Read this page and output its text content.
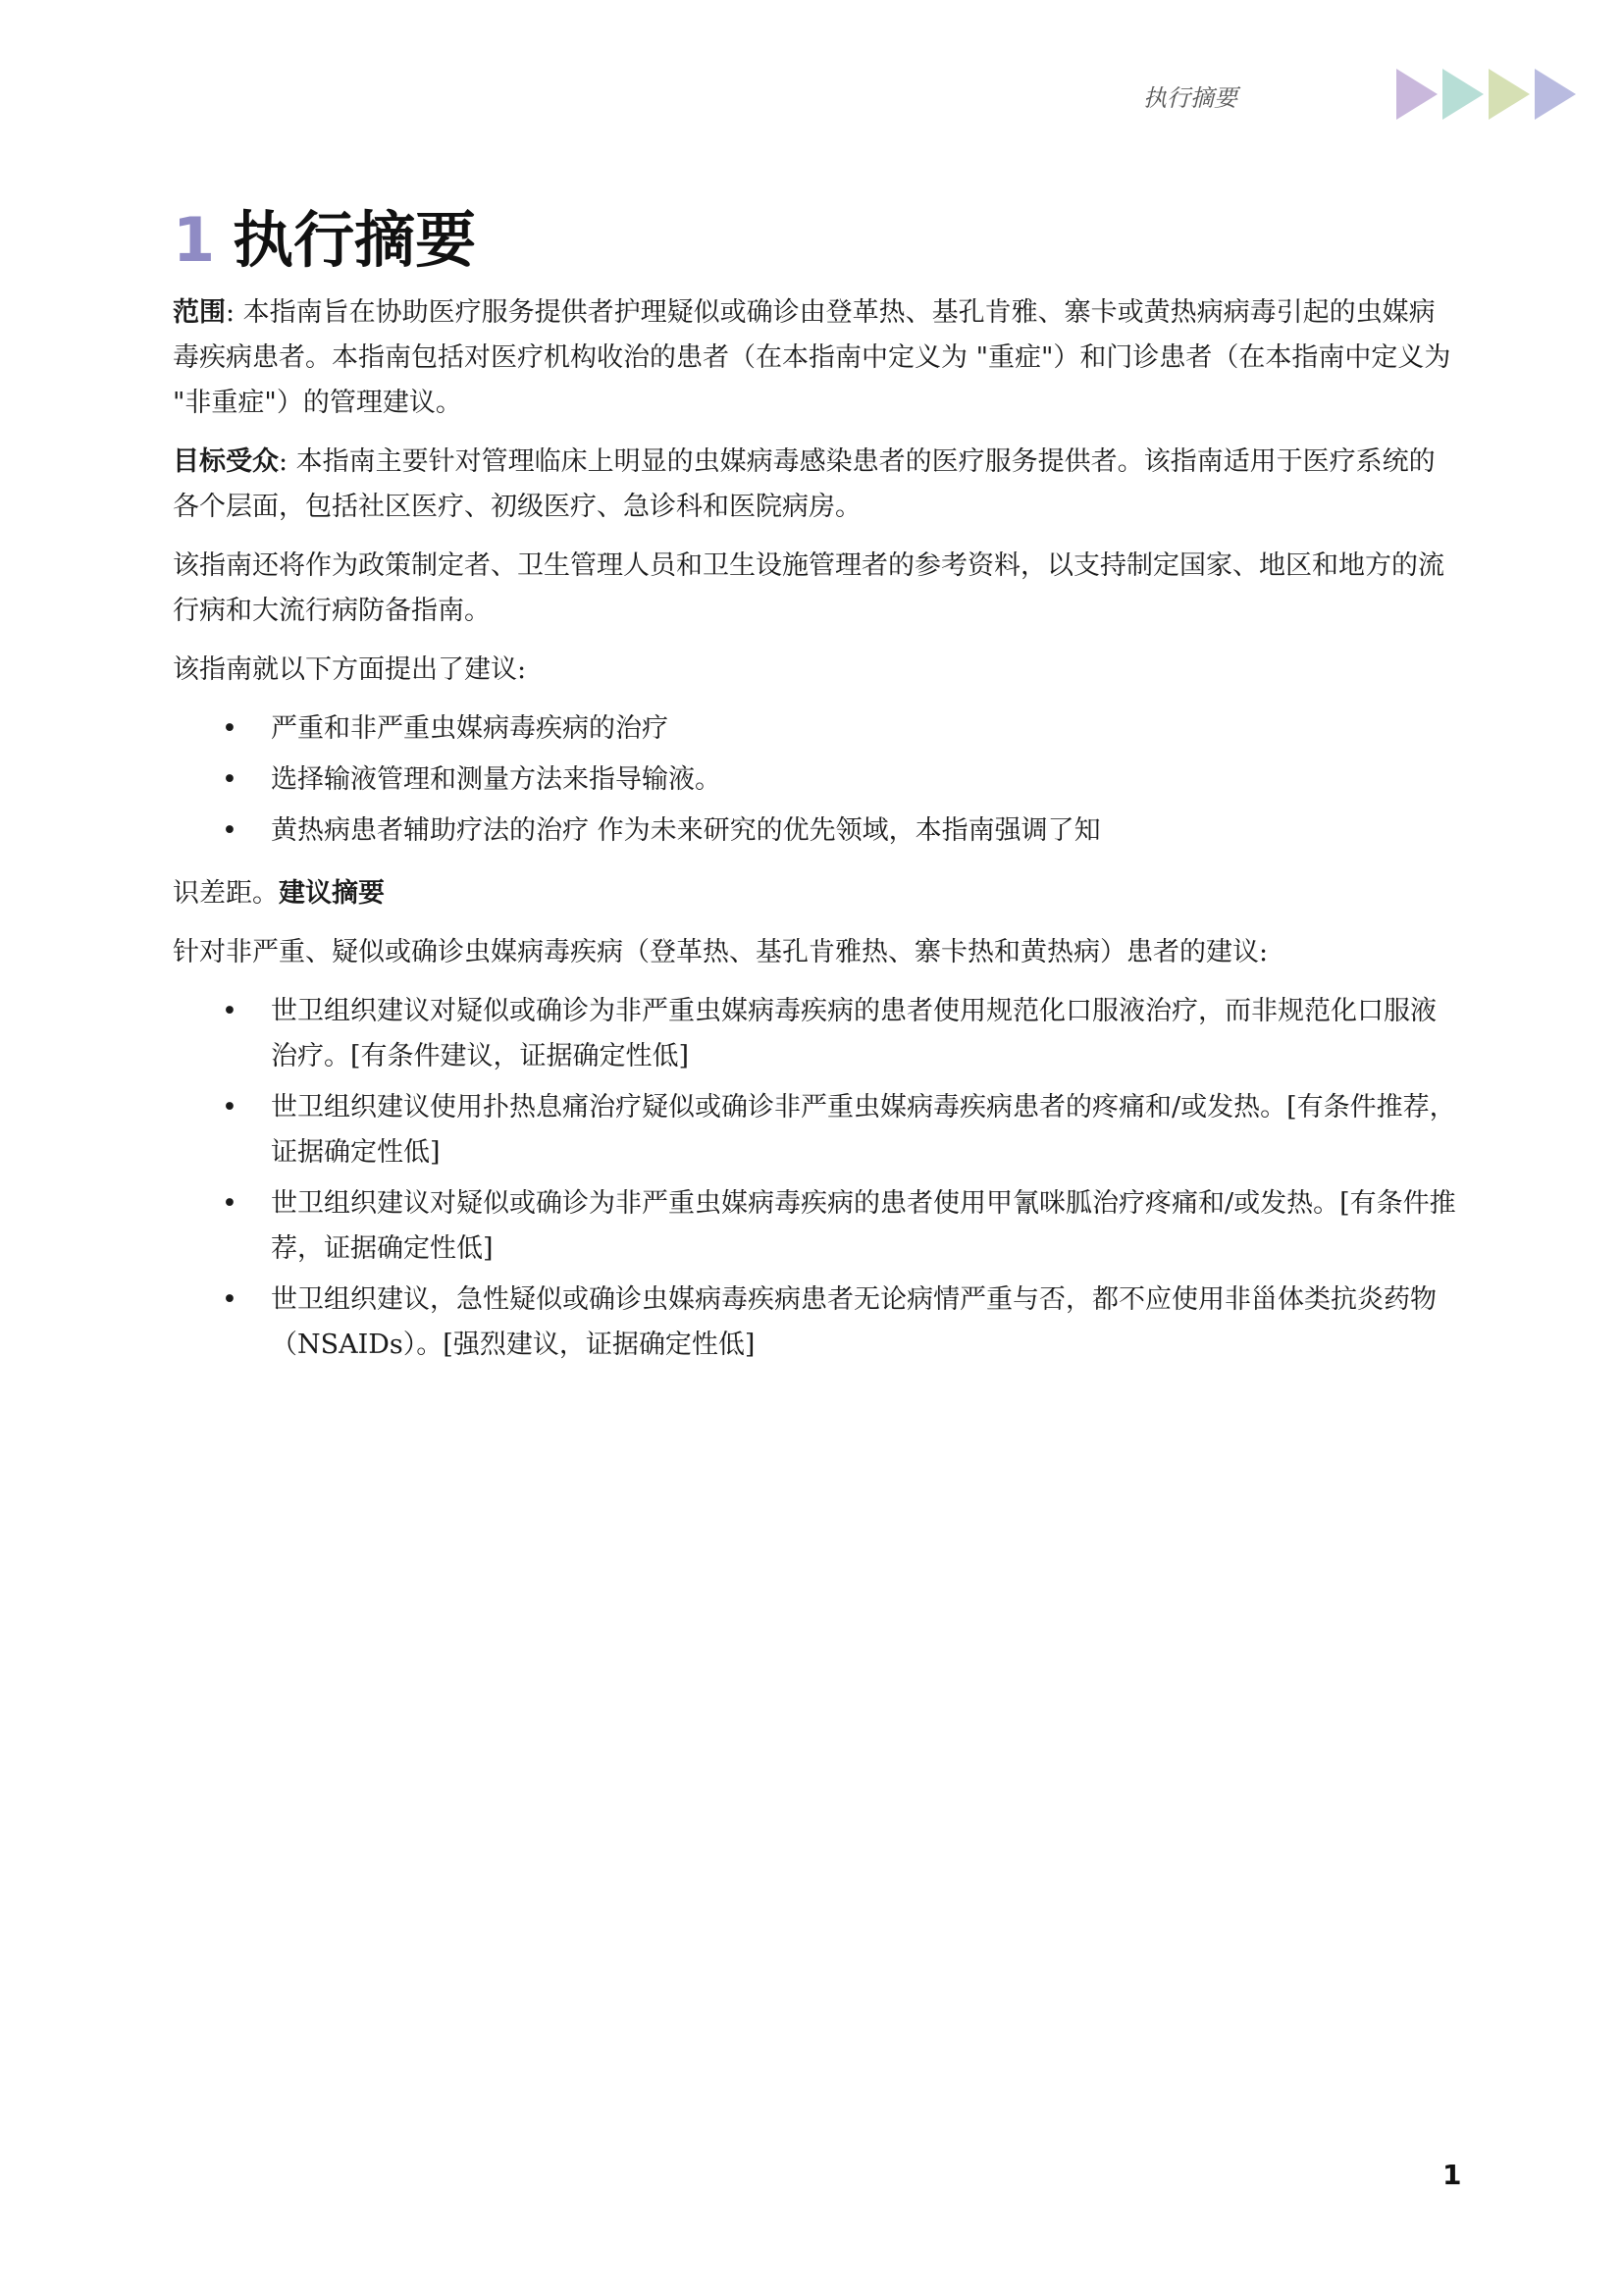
执行摘要
1 执行摘要

范围: 本指南旨在协助医疗服务提供者护理疑似或确诊由登革热、基孔肯雅、寨卡或黄热病病毒引起的虫媒病毒疾病患者。本指南包括对医疗机构收治的患者（在本指南中定义为 "重症"）和门诊患者（在本指南中定义为 "非重症"）的管理建议。

目标受众: 本指南主要针对管理临床上明显的虫媒病毒感染患者的医疗服务提供者。该指南适用于医疗系统的各个层面，包括社区医疗、初级医疗、急诊科和医院病房。

该指南还将作为政策制定者、卫生管理人员和卫生设施管理者的参考资料，以支持制定国家、地区和地方的流行病和大流行病防备指南。

该指南就以下方面提出了建议:

• 严重和非严重虫媒病毒疾病的治疗
• 选择输液管理和测量方法来指导输液。
• 黄热病患者辅助疗法的治疗 作为未来研究的优先领域，本指南强调了知

识差距。建议摘要

针对非严重、疑似或确诊虫媒病毒疾病（登革热、基孔肯雅热、寨卡热和黄热病）患者的建议:

• 世卫组织建议对疑似或确诊为非严重虫媒病毒疾病的患者使用规范化口服液治疗，而非规范化口服液治疗。[有条件建议，证据确定性低]
• 世卫组织建议使用扑热息痛治疗疑似或确诊非严重虫媒病毒疾病患者的疼痛和/或发热。[有条件推荐，证据确定性低]
• 世卫组织建议对疑似或确诊为非严重虫媒病毒疾病的患者使用甲氰咪胍治疗疼痛和/或发热。[有条件推荐，证据确定性低]
• 世卫组织建议，急性疑似或确诊虫媒病毒疾病患者无论病情严重与否，都不应使用非甾体类抗炎药物（NSAIDs）。[强烈建议，证据确定性低]
1
